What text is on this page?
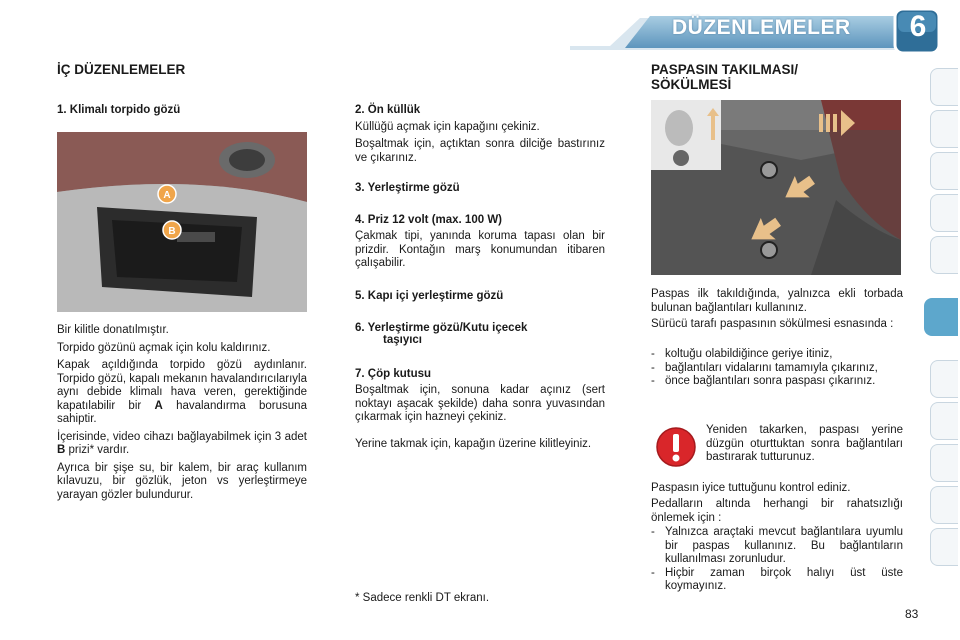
DÜZENLEMELER	6
İÇ DÜZENLEMELER
1. Klimalı torpido gözü
A
B
Bir kilitle donatılmıştır.
Torpido gözünü açmak için kolu kaldırınız.
Kapak açıldığında torpido gözü aydınlanır. Torpido gözü, kapalı mekanın havalandırıcılarıyla aynı debide klimalı hava veren, gerektiğinde kapatılabilir bir A havalandırma borusuna sahiptir.
İçerisinde, video cihazı bağlayabilmek için 3 adet B prizi* vardır.
Ayrıca bir şişe su, bir kalem, bir araç kullanım kılavuzu, bir gözlük, jeton vs yerleştirmeye yarayan gözler bulundurur.
2. Ön küllük
Küllüğü açmak için kapağını çekiniz.
Boşaltmak için, açtıktan sonra dilciğe bastırınız ve çıkarınız.
3. Yerleştirme gözü
4. Priz 12 volt (max. 100 W)
Çakmak tipi, yanında koruma tapası olan bir prizdir. Kontağın marş konumundan itibaren çalışabilir.
5. Kapı içi yerleştirme gözü
6. Yerleştirme gözü/Kutu içecek
taşıyıcı
7. Çöp kutusu
Boşaltmak için, sonuna kadar açınız (sert noktayı aşacak şekilde) daha sonra yuvasından çıkarmak için hazneyi çekiniz.
Yerine takmak için, kapağın üzerine kilitleyiniz.
* Sadece renkli DT ekranı.
PASPASIN TAKILMASI/
SÖKÜLMESİ
Paspas ilk takıldığında, yalnızca ekli torbada bulunan bağlantıları kullanınız.
Sürücü tarafı paspasının sökülmesi esnasında :
- koltuğu olabildiğince geriye itiniz,
- bağlantıları vidalarını tamamıyla çıkarınız,
- önce bağlantıları sonra paspası çıkarınız.
Yeniden takarken, paspası yerine düzgün oturttuktan sonra bağlantıları bastırarak tutturunuz.
Paspasın iyice tuttuğunu kontrol ediniz.
Pedalların altında herhangi bir rahatsızlığı önlemek için :
- Yalnızca araçtaki mevcut bağlantılara uyumlu bir paspas kullanınız. Bu bağlantıların kullanılması zorunludur.
- Hiçbir zaman birçok halıyı üst üste koymayınız.
83
